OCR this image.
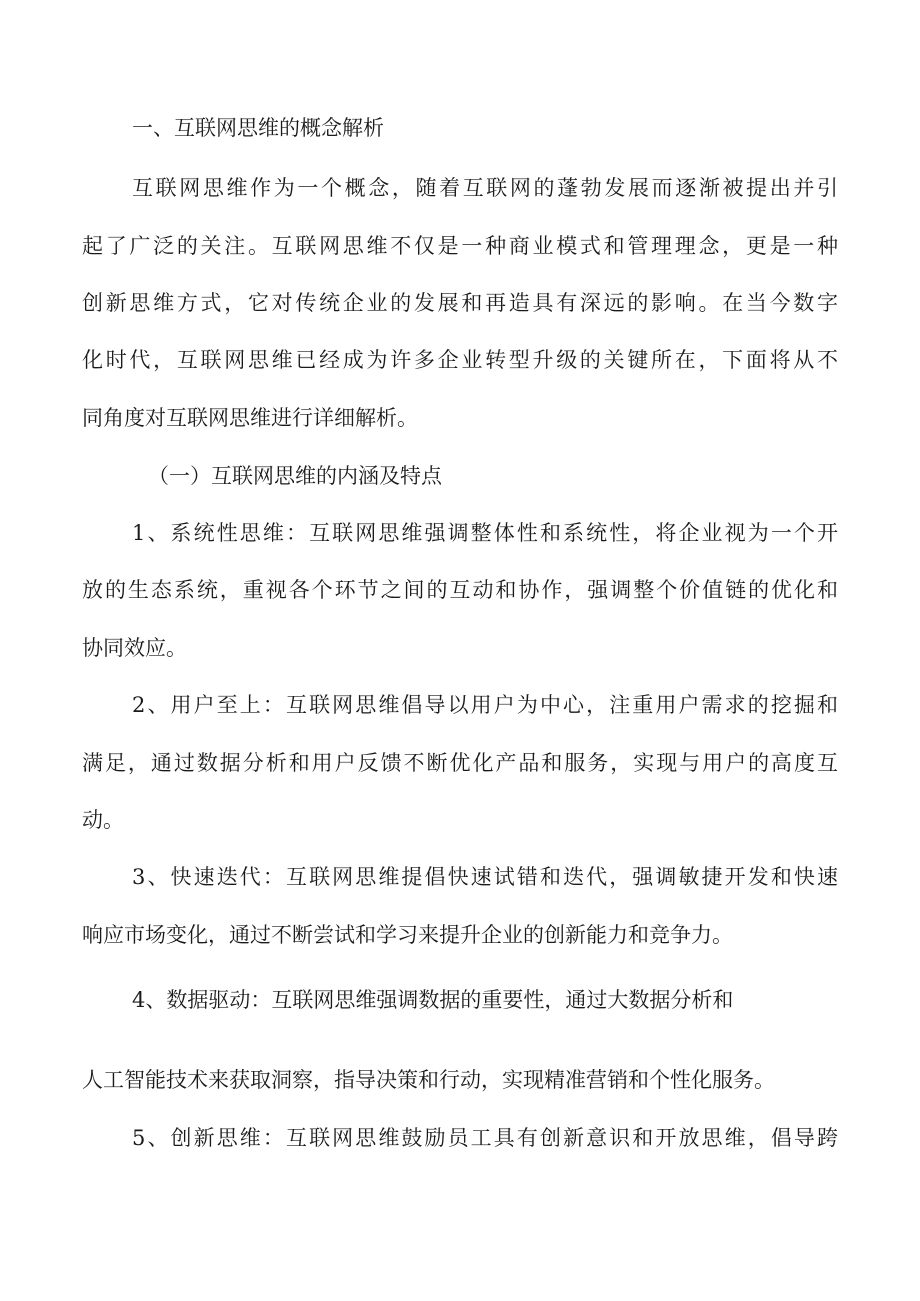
一、互联网思维的概念解析

互联网思维作为一个概念，随着互联网的蓬勃发展而逐渐被提出并引

起了广泛的关注。互联网思维不仅是一种商业模式和管理理念，更是一种

创新思维方式，它对传统企业的发展和再造具有深远的影响。在当今数字

化时代，互联网思维已经成为许多企业转型升级的关键所在，下面将从不

同角度对互联网思维进行详细解析。

（一）互联网思维的内涵及特点

1、系统性思维：互联网思维强调整体性和系统性，将企业视为一个开

放的生态系统，重视各个环节之间的互动和协作，强调整个价值链的优化和

协同效应。

2、用户至上：互联网思维倡导以用户为中心，注重用户需求的挖掘和

满足，通过数据分析和用户反馈不断优化产品和服务，实现与用户的高度互

动。

3、快速迭代：互联网思维提倡快速试错和迭代，强调敏捷开发和快速

响应市场变化，通过不断尝试和学习来提升企业的创新能力和竞争力。

4、数据驱动：互联网思维强调数据的重要性，通过大数据分析和

人工智能技术来获取洞察，指导决策和行动，实现精准营销和个性化服务。

5、创新思维：互联网思维鼓励员工具有创新意识和开放思维，倡导跨
